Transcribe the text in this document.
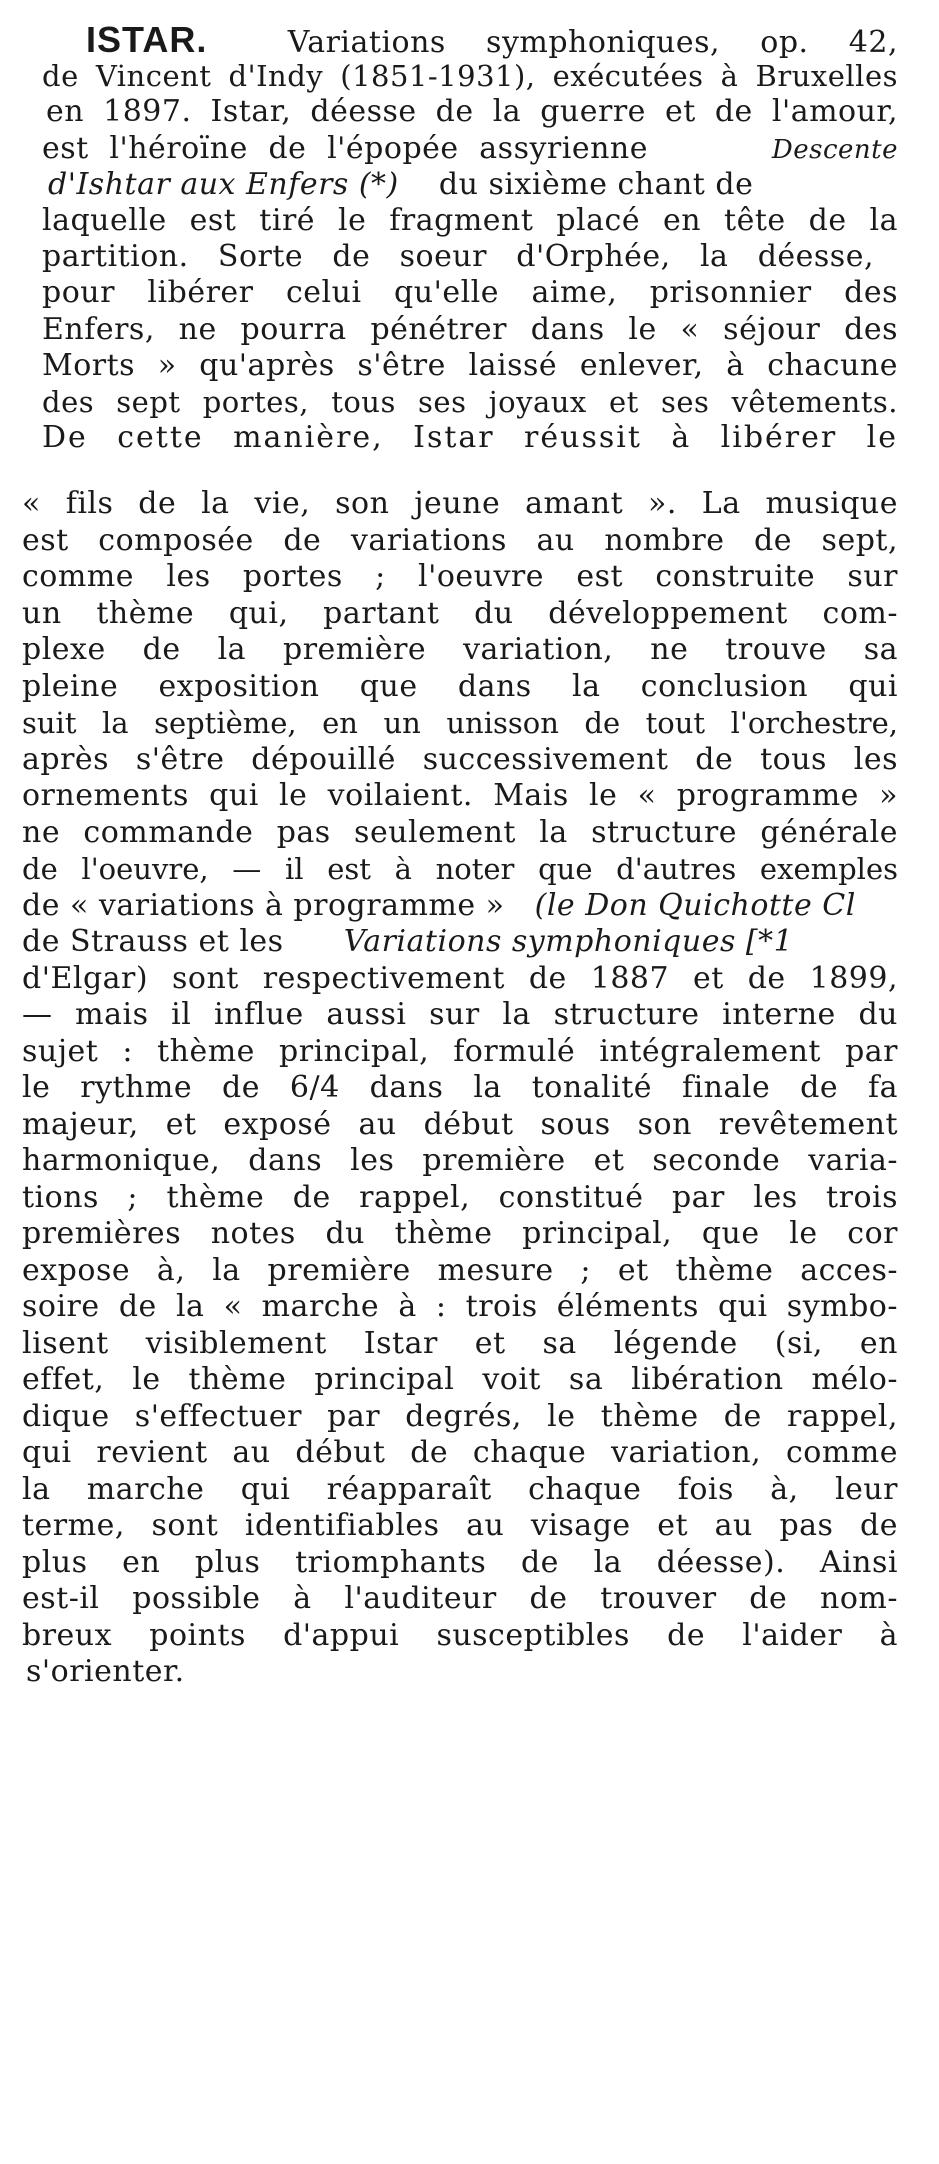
ISTAR.	Variations symphoniques, op. 42,
de Vincent d'Indy (1851-1931), exécutées à Bruxelles
en 1897. Istar, déesse de la guerre et de l'amour,
est l'héroïne de l'épopée assyrienne	Descente
d'Ishtar aux Enfers (*) du sixième chant de
laquelle est tiré le fragment placé en tête de la
partition. Sorte de soeur d'Orphée, la déesse,
pour libérer celui qu'elle aime, prisonnier des
Enfers, ne pourra pénétrer dans le « séjour des
Morts » qu'après s'être laissé enlever, à chacune
des sept portes, tous ses joyaux et ses vêtements.
De cette manière, Istar réussit à libérer le
« fils de la vie, son jeune amant ». La musique
est composée de variations au nombre de sept,
comme les portes ; l'oeuvre est construite sur
un thème qui, partant du développement com-
plexe de la première variation, ne trouve sa
pleine exposition que dans la conclusion qui
suit la septième, en un unisson de tout l'orchestre,
après s'être dépouillé successivement de tous les
ornements qui le voilaient. Mais le « programme »
ne commande pas seulement la structure générale
de l'oeuvre, — il est à noter que d'autres exemples
de « variations à programme » (le Don Quichotte Cl
de Strauss et les Variations symphoniques [*1
d'Elgar) sont respectivement de 1887 et de 1899,
— mais il influe aussi sur la structure interne du
sujet : thème principal, formulé intégralement par
le rythme de 6/4 dans la tonalité finale de fa
majeur, et exposé au début sous son revêtement
harmonique, dans les première et seconde varia-
tions ; thème de rappel, constitué par les trois
premières notes du thème principal, que le cor
expose à, la première mesure ; et thème acces-
soire de la « marche à : trois éléments qui symbo-
lisent visiblement Istar et sa légende (si, en
effet, le thème principal voit sa libération mélo-
dique s'effectuer par degrés, le thème de rappel,
qui revient au début de chaque variation, comme
la marche qui réapparaît chaque fois à, leur
terme, sont identifiables au visage et au pas de
plus en plus triomphants de la déesse). Ainsi
est-il possible à l'auditeur de trouver de nom-
breux points d'appui susceptibles de l'aider à
s'orienter.
